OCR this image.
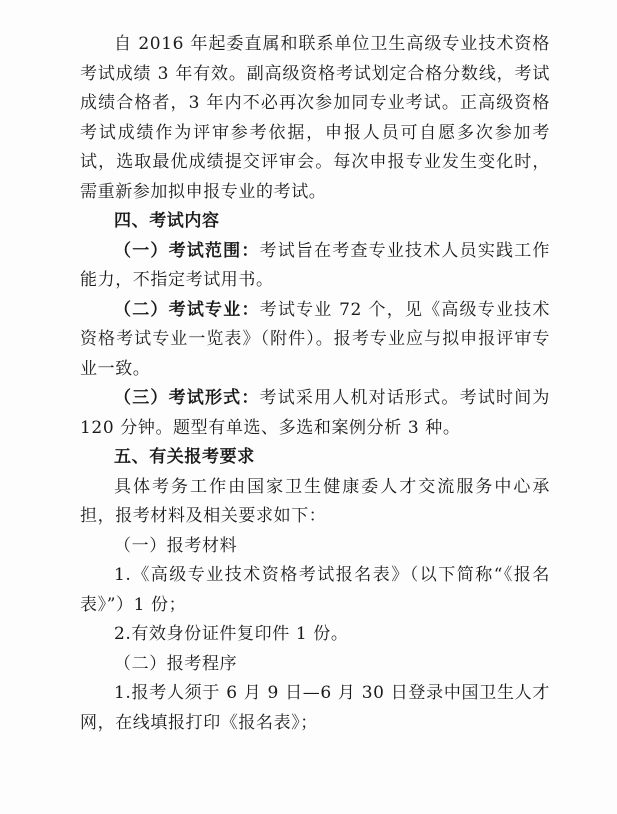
自 2016 年起委直属和联系单位卫生高级专业技术资格考试成绩 3 年有效。副高级资格考试划定合格分数线，考试成绩合格者，3 年内不必再次参加同专业考试。正高级资格考试成绩作为评审参考依据，申报人员可自愿多次参加考试，选取最优成绩提交评审会。每次申报专业发生变化时，需重新参加拟申报专业的考试。

四、考试内容

（一）考试范围：考试旨在考查专业技术人员实践工作能力，不指定考试用书。

（二）考试专业：考试专业 72 个，见《高级专业技术资格考试专业一览表》（附件）。报考专业应与拟申报评审专业一致。

（三）考试形式：考试采用人机对话形式。考试时间为 120 分钟。题型有单选、多选和案例分析 3 种。

五、有关报考要求

具体考务工作由国家卫生健康委人才交流服务中心承担，报考材料及相关要求如下：

（一）报考材料

1.《高级专业技术资格考试报名表》（以下简称“《报名表》”）1 份；

2.有效身份证件复印件 1 份。

（二）报考程序

1.报考人须于 6 月 9 日—6 月 30 日登录中国卫生人才网，在线填报打印《报名表》；
